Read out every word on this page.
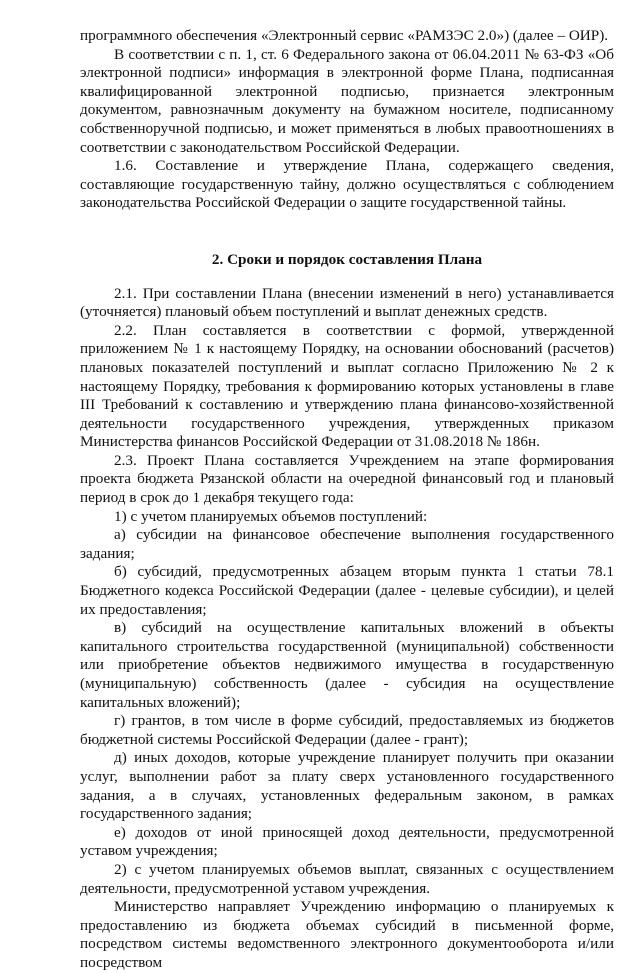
программного обеспечения «Электронный сервис «РАМЗЭС 2.0») (далее – ОИР).

В соответствии с п. 1, ст. 6 Федерального закона от 06.04.2011 № 63-ФЗ «Об электронной подписи» информация в электронной форме Плана, подписанная квалифицированной электронной подписью, признается электронным документом, равнозначным документу на бумажном носителе, подписанному собственноручной подписью, и может применяться в любых правоотношениях в соответствии с законодательством Российской Федерации.

1.6. Составление и утверждение Плана, содержащего сведения, составляющие государственную тайну, должно осуществляться с соблюдением законодательства Российской Федерации о защите государственной тайны.

2. Сроки и порядок составления Плана

2.1. При составлении Плана (внесении изменений в него) устанавливается (уточняется) плановый объем поступлений и выплат денежных средств.

2.2. План составляется в соответствии с формой, утвержденной приложением № 1 к настоящему Порядку, на основании обоснований (расчетов) плановых показателей поступлений и выплат согласно Приложению № 2 к настоящему Порядку, требования к формированию которых установлены в главе III Требований к составлению и утверждению плана финансово-хозяйственной деятельности государственного учреждения, утвержденных приказом Министерства финансов Российской Федерации от 31.08.2018 № 186н.

2.3. Проект Плана составляется Учреждением на этапе формирования проекта бюджета Рязанской области на очередной финансовый год и плановый период в срок до 1 декабря текущего года:

1) с учетом планируемых объемов поступлений:

а) субсидии на финансовое обеспечение выполнения государственного задания;

б) субсидий, предусмотренных абзацем вторым пункта 1 статьи 78.1 Бюджетного кодекса Российской Федерации (далее - целевые субсидии), и целей их предоставления;

в) субсидий на осуществление капитальных вложений в объекты капитального строительства государственной (муниципальной) собственности или приобретение объектов недвижимого имущества в государственную (муниципальную) собственность (далее - субсидия на осуществление капитальных вложений);

г) грантов, в том числе в форме субсидий, предоставляемых из бюджетов бюджетной системы Российской Федерации (далее - грант);

д) иных доходов, которые учреждение планирует получить при оказании услуг, выполнении работ за плату сверх установленного государственного задания, а в случаях, установленных федеральным законом, в рамках государственного задания;

е) доходов от иной приносящей доход деятельности, предусмотренной уставом учреждения;

2) с учетом планируемых объемов выплат, связанных с осуществлением деятельности, предусмотренной уставом учреждения.

Министерство направляет Учреждению информацию о планируемых к предоставлению из бюджета объемах субсидий в письменной форме, посредством системы ведомственного электронного документооборота и/или посредством
